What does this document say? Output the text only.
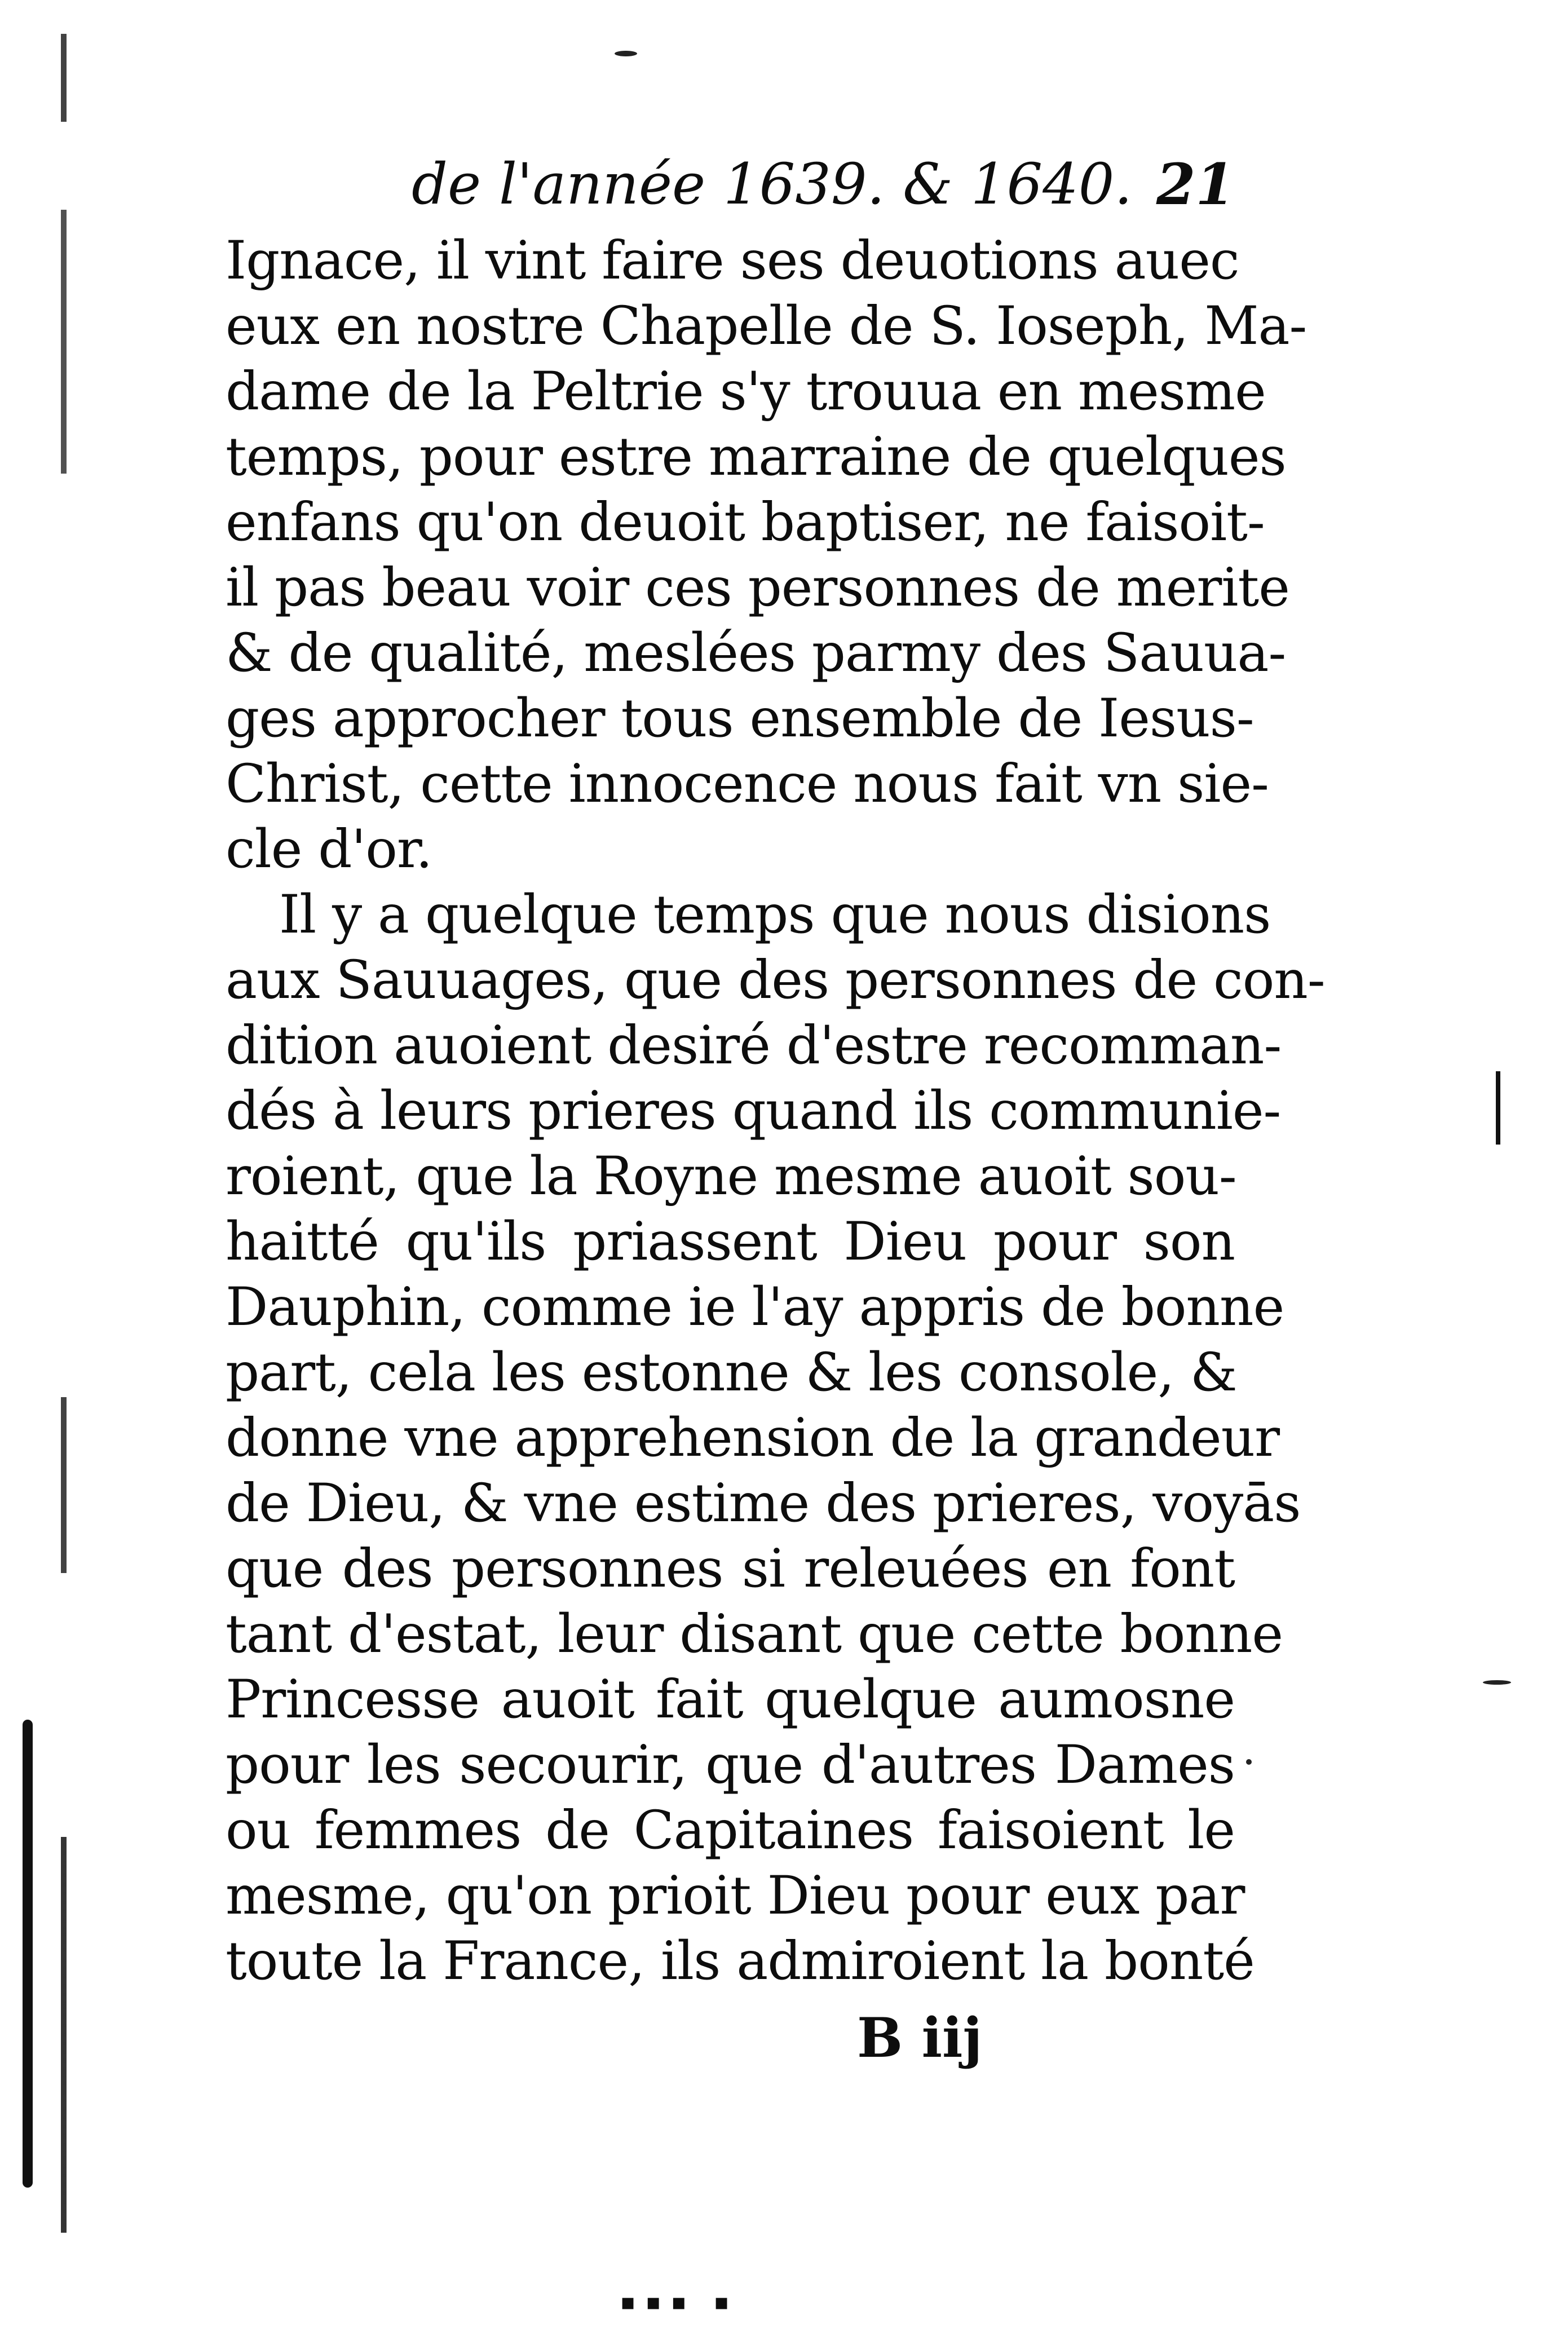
de l'année 1639. & 1640. 21
Ignace, il vint faire ses deuotions auec
eux en nostre Chapelle de S. Ioseph, Ma-
dame de la Peltrie s'y trouua en mesme
temps, pour estre marraine de quelques
enfans qu'on deuoit baptiser, ne faisoit-
il pas beau voir ces personnes de merite
& de qualité, meslées parmy des Sauua-
ges approcher tous ensemble de Iesus-
Christ, cette innocence nous fait vn sie-
cle d'or.
Il y a quelque temps que nous disions
aux Sauuages, que des personnes de con-
dition auoient desiré d'estre recomman-
dés à leurs prieres quand ils communie-
roient, que la Royne mesme auoit sou-
haitté qu'ils priassent Dieu pour son
Dauphin, comme ie l'ay appris de bonne
part, cela les estonne & les console, &
donne vne apprehension de la grandeur
de Dieu, & vne estime des prieres, voyās
que des personnes si releuées en font
tant d'estat, leur disant que cette bonne
Princesse auoit fait quelque aumosne
pour les secourir, que d'autres Dames
ou femmes de Capitaines faisoient le
mesme, qu'on prioit Dieu pour eux par
toute la France, ils admiroient la bonté
B iij
▪▪▪ ▪
